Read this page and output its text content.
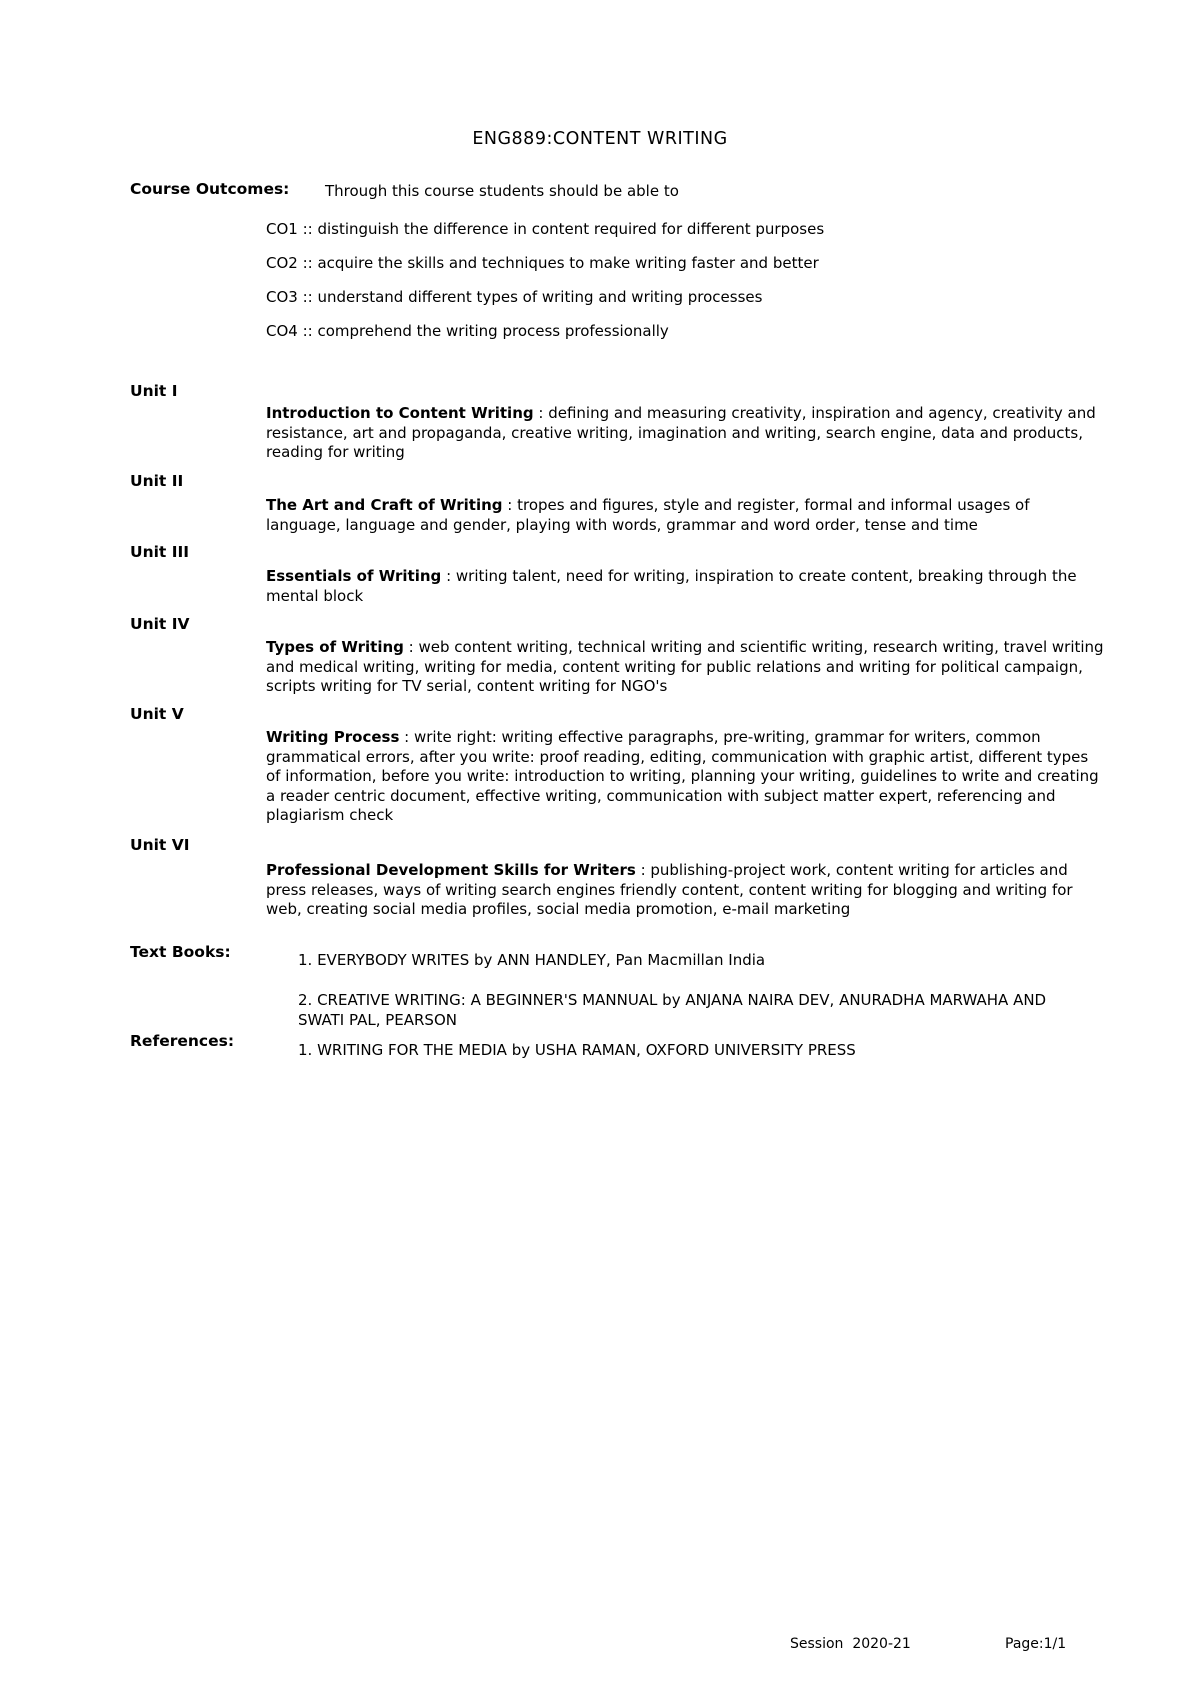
ENG889:CONTENT WRITING
Course Outcomes: Through this course students should be able to
CO1 :: distinguish the difference in content required for different purposes
CO2 :: acquire the skills and techniques to make writing faster and better
CO3 :: understand different types of writing and writing processes
CO4 :: comprehend the writing process professionally
Unit I
Introduction to Content Writing : defining and measuring creativity, inspiration and agency, creativity and resistance, art and propaganda, creative writing, imagination and writing, search engine, data and products, reading for writing
Unit II
The Art and Craft of Writing : tropes and figures, style and register, formal and informal usages of language, language and gender, playing with words, grammar and word order, tense and time
Unit III
Essentials of Writing : writing talent, need for writing, inspiration to create content, breaking through the mental block
Unit IV
Types of Writing : web content writing, technical writing and scientific writing, research writing, travel writing and medical writing, writing for media, content writing for public relations and writing for political campaign, scripts writing for TV serial, content writing for NGO's
Unit V
Writing Process : write right: writing effective paragraphs, pre-writing, grammar for writers, common grammatical errors, after you write: proof reading, editing, communication with graphic artist, different types of information, before you write: introduction to writing, planning your writing, guidelines to write and creating a reader centric document, effective writing, communication with subject matter expert, referencing and plagiarism check
Unit VI
Professional Development Skills for Writers : publishing-project work, content writing for articles and press releases, ways of writing search engines friendly content, content writing for blogging and writing for web, creating social media profiles, social media promotion, e-mail marketing
Text Books:	1. EVERYBODY WRITES by ANN HANDLEY, Pan Macmillan India
2. CREATIVE WRITING: A BEGINNER'S MANNUAL by ANJANA NAIRA DEV, ANURADHA MARWAHA AND SWATI PAL, PEARSON
References:	1. WRITING FOR THE MEDIA by USHA RAMAN, OXFORD UNIVERSITY PRESS
Session  2020-21	Page:1/1
